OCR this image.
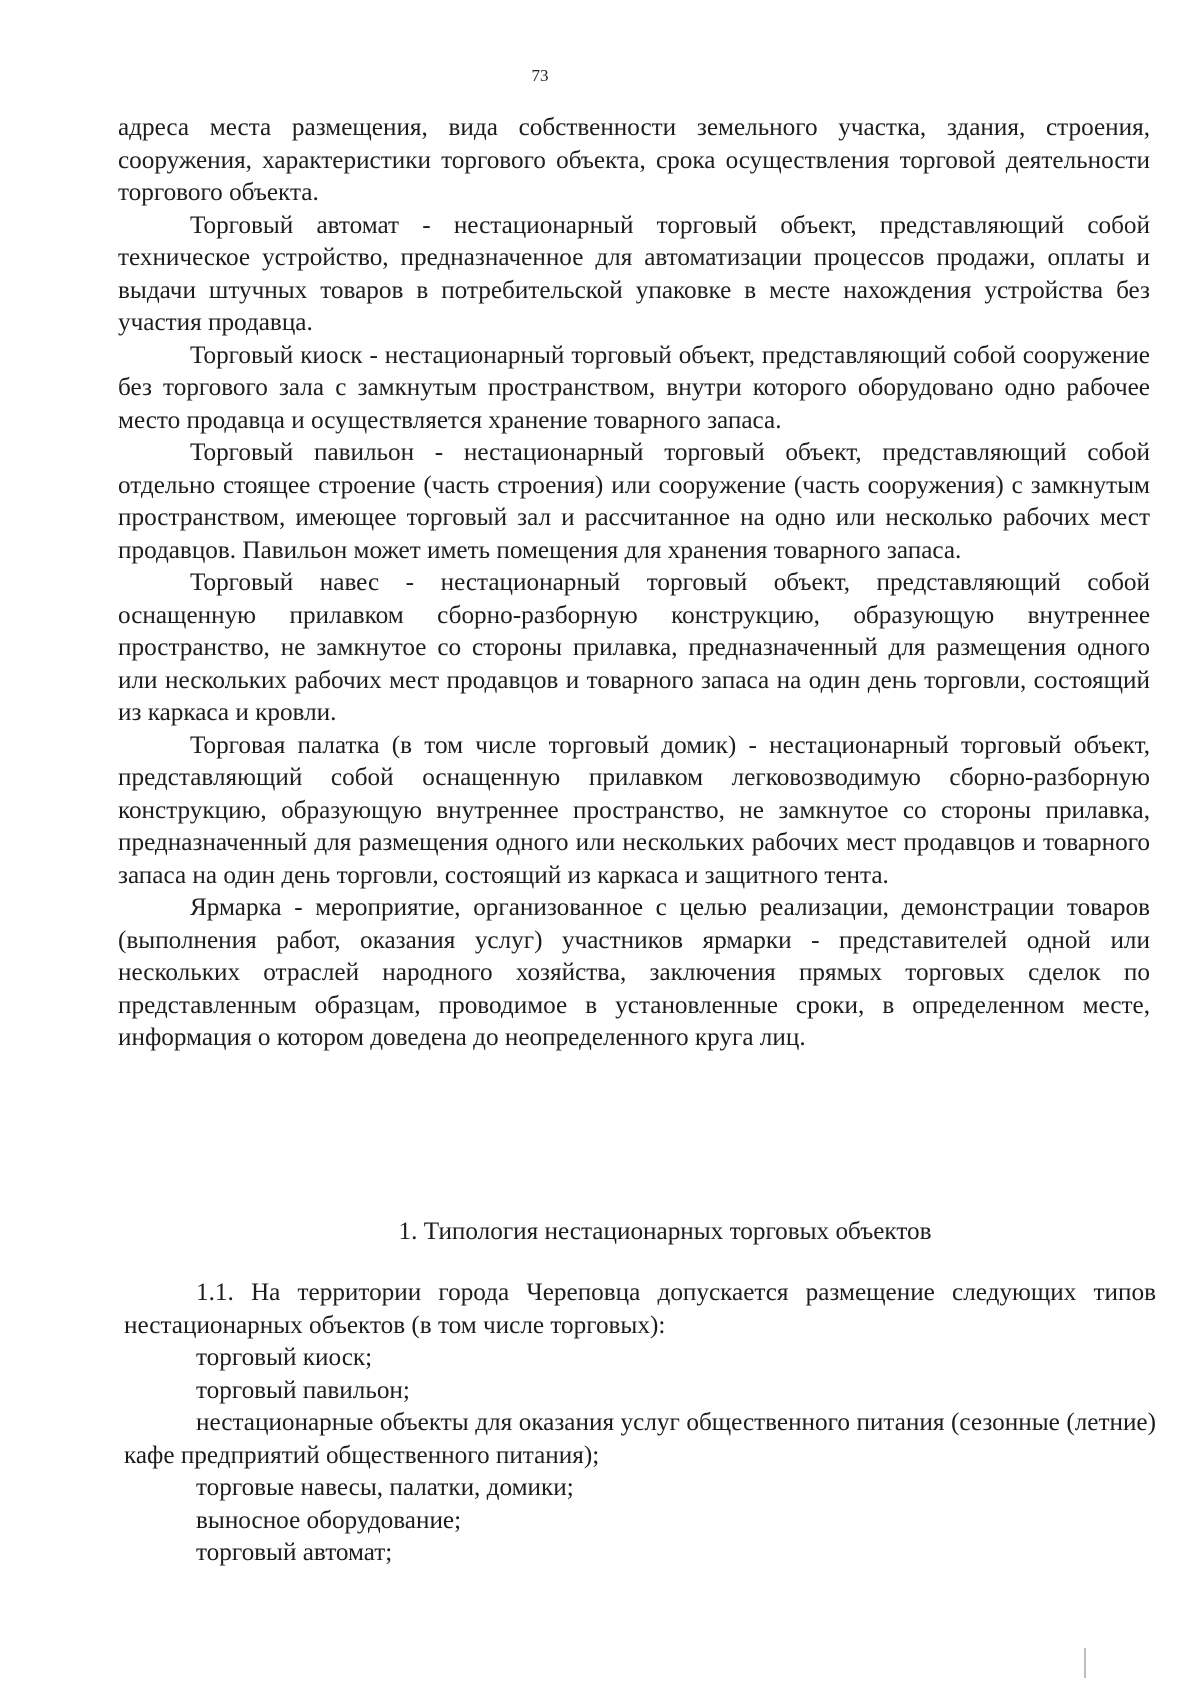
73

адреса места размещения, вида собственности земельного участка, здания, строения, сооружения, характеристики торгового объекта, срока осуществления торговой деятельности торгового объекта.

Торговый автомат - нестационарный торговый объект, представляющий собой техническое устройство, предназначенное для автоматизации процессов продажи, оплаты и выдачи штучных товаров в потребительской упаковке в месте нахождения устройства без участия продавца.

Торговый киоск - нестационарный торговый объект, представляющий собой сооружение без торгового зала с замкнутым пространством, внутри которого оборудовано одно рабочее место продавца и осуществляется хранение товарного запаса.

Торговый павильон - нестационарный торговый объект, представляющий собой отдельно стоящее строение (часть строения) или сооружение (часть сооружения) с замкнутым пространством, имеющее торговый зал и рассчитанное на одно или несколько рабочих мест продавцов. Павильон может иметь помещения для хранения товарного запаса.

Торговый навес - нестационарный торговый объект, представляющий собой оснащенную прилавком сборно-разборную конструкцию, образующую внутреннее пространство, не замкнутое со стороны прилавка, предназначенный для размещения одного или нескольких рабочих мест продавцов и товарного запаса на один день торговли, состоящий из каркаса и кровли.

Торговая палатка (в том числе торговый домик) - нестационарный торговый объект, представляющий собой оснащенную прилавком легковозводимую сборно-разборную конструкцию, образующую внутреннее пространство, не замкнутое со стороны прилавка, предназначенный для размещения одного или нескольких рабочих мест продавцов и товарного запаса на один день торговли, состоящий из каркаса и защитного тента.

Ярмарка - мероприятие, организованное с целью реализации, демонстрации товаров (выполнения работ, оказания услуг) участников ярмарки - представителей одной или нескольких отраслей народного хозяйства, заключения прямых торговых сделок по представленным образцам, проводимое в установленные сроки, в определенном месте, информация о котором доведена до неопределенного круга лиц.

1. Типология нестационарных торговых объектов

1.1. На территории города Череповца допускается размещение следующих типов нестационарных объектов (в том числе торговых):

торговый киоск;

торговый павильон;

нестационарные объекты для оказания услуг общественного питания (сезонные (летние) кафе предприятий общественного питания);

торговые навесы, палатки, домики;

выносное оборудование;

торговый автомат;
